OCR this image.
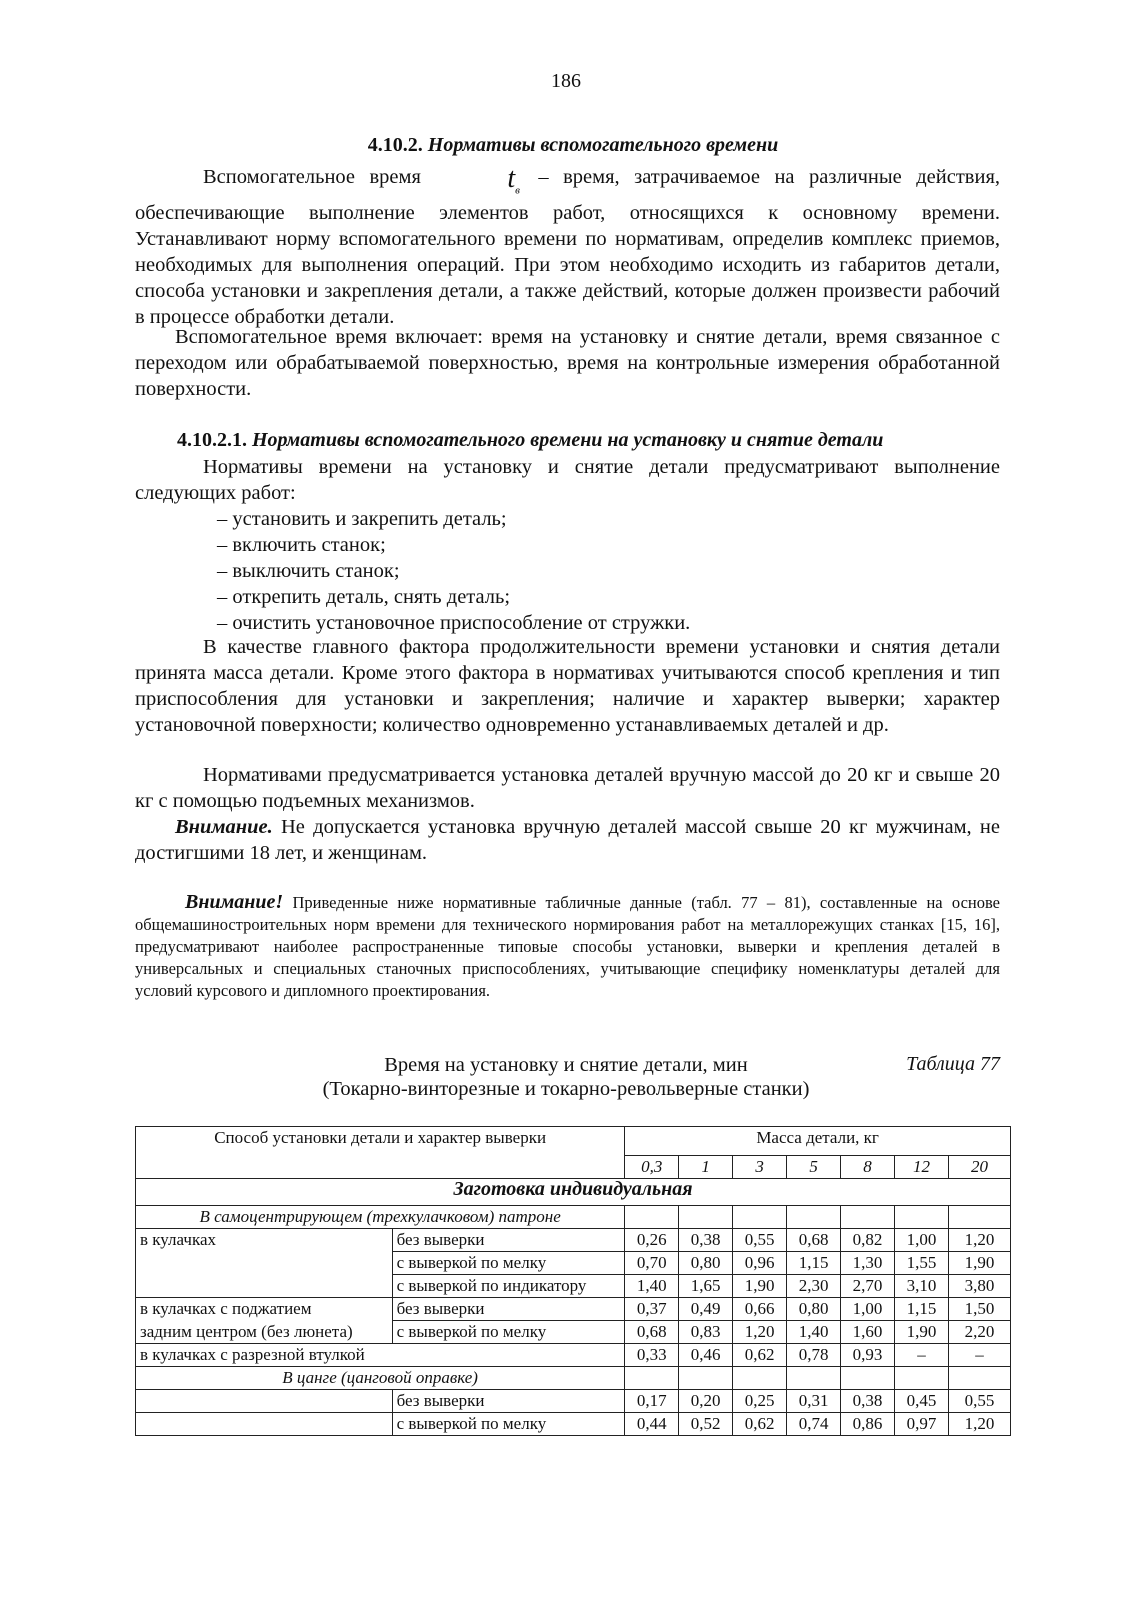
186
4.10.2. Нормативы вспомогательного времени
Вспомогательное время	$t_в$ – время, затрачиваемое на различные действия, обеспечивающие выполнение элементов работ, относящихся к основному времени. Устанавливают норму вспомогательного времени по нормативам, определив комплекс приемов, необходимых для выполнения операций. При этом необходимо исходить из габаритов детали, способа установки и закрепления детали, а также действий, которые должен произвести рабочий в процессе обработки детали.
Вспомогательное время включает: время на установку и снятие детали, время связанное с переходом или обрабатываемой поверхностью, время на контрольные измерения обработанной поверхности.
4.10.2.1. Нормативы вспомогательного времени на установку и снятие детали
Нормативы времени на установку и снятие детали предусматривают выполнение следующих работ:
– установить и закрепить деталь;
– включить станок;
– выключить станок;
– открепить деталь, снять деталь;
– очистить установочное приспособление от стружки.
В качестве главного фактора продолжительности времени установки и снятия детали принята масса детали. Кроме этого фактора в нормативах учитываются способ крепления и тип приспособления для установки и закрепления; наличие и характер выверки; характер установочной поверхности; количество одновременно устанавливаемых деталей и др.
Нормативами предусматривается установка деталей вручную массой до 20 кг и свыше 20 кг с помощью подъемных механизмов.
Внимание. Не допускается установка вручную деталей массой свыше 20 кг мужчинам, не достигшими 18 лет, и женщинам.
Внимание! Приведенные ниже нормативные табличные данные (табл. 77 – 81), составленные на основе общемашиностроительных норм времени для технического нормирования работ на металлорежущих станках [15, 16], предусматривают наиболее распространенные типовые способы установки, выверки и крепления деталей в универсальных и специальных станочных приспособлениях, учитывающие специфику номенклатуры деталей для условий курсового и дипломного проектирования.
Таблица 77
Время на установку и снятие детали, мин
(Токарно-винторезные и токарно-револьверные станки)
Способ установки детали и характер выверки		Масса детали, кг						
		0,3	1	3	5	8	12	20
Заготовка индивидуальная								
В самоцентрирующем (трехкулачковом) патроне								
в кулачках	без выверки	0,26	0,38	0,55	0,68	0,82	1,00	1,20
	с выверкой по мелку	0,70	0,80	0,96	1,15	1,30	1,55	1,90
	с выверкой по индикатору	1,40	1,65	1,90	2,30	2,70	3,10	3,80
в кулачках с поджатием	без выверки	0,37	0,49	0,66	0,80	1,00	1,15	1,50
задним центром (без люнета)	с выверкой по мелку	0,68	0,83	1,20	1,40	1,60	1,90	2,20
в кулачках с разрезной втулкой		0,33	0,46	0,62	0,78	0,93	–	–
В цанге (цанговой оправке)								
	без выверки	0,17	0,20	0,25	0,31	0,38	0,45	0,55
	с выверкой по мелку	0,44	0,52	0,62	0,74	0,86	0,97	1,20
